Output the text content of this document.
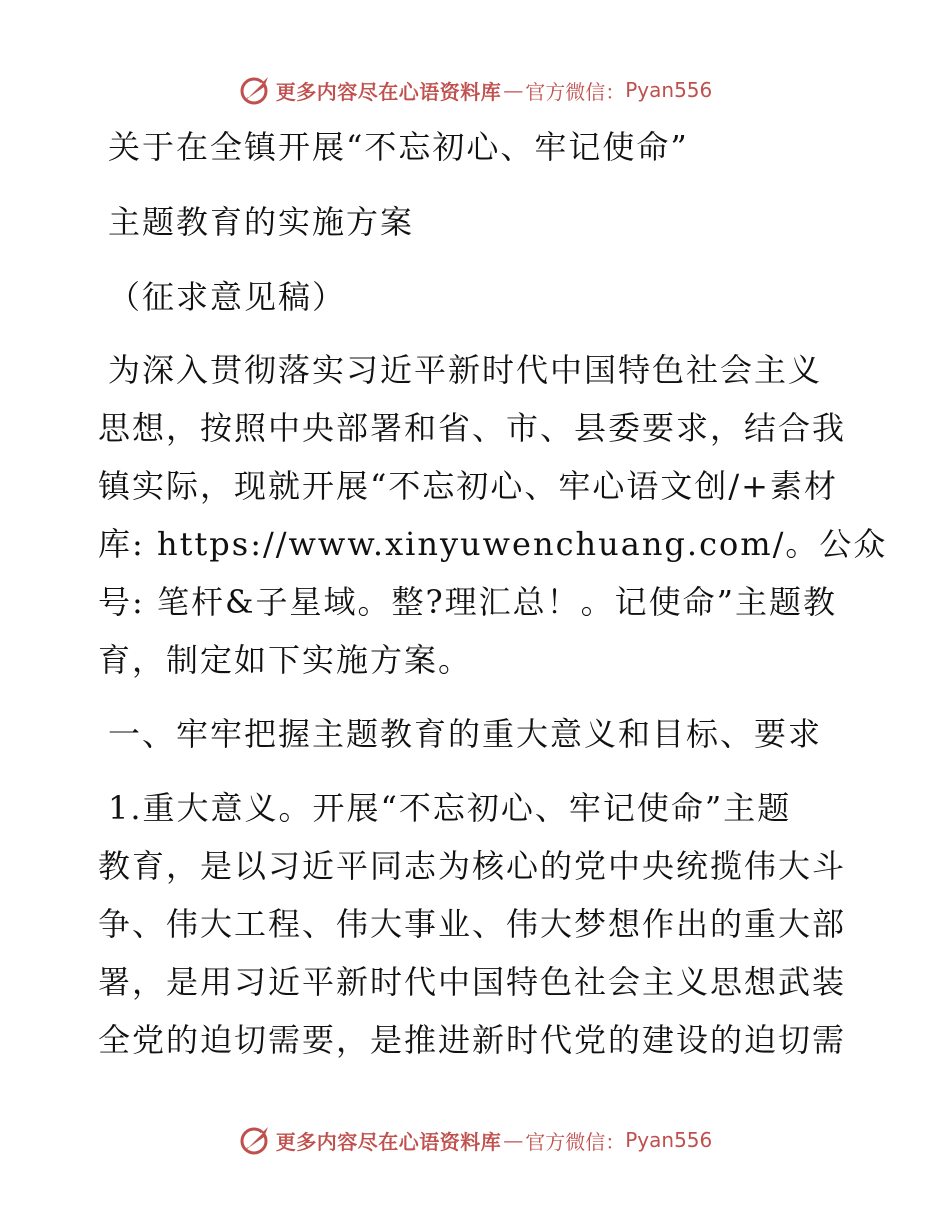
更多内容尽在心语资料库 — 官方微信： Pyan556
关于在全镇开展“不忘初心、牢记使命”
主题教育的实施方案
（征求意见稿）
为深入贯彻落实习近平新时代中国特色社会主义
思想，按照中央部署和省、市、县委要求，结合我
镇实际，现就开展“不忘初心、牢心语文创/+素材
库: https://www.xinyuwenchuang.com/。公众
号: 笔杆&子星域。整?理汇总！。记使命”主题教
育，制定如下实施方案。
一、牢牢把握主题教育的重大意义和目标、要求
1.重大意义。开展“不忘初心、牢记使命”主题
教育，是以习近平同志为核心的党中央统揽伟大斗
争、伟大工程、伟大事业、伟大梦想作出的重大部
署，是用习近平新时代中国特色社会主义思想武装
全党的迫切需要，是推进新时代党的建设的迫切需
更多内容尽在心语资料库 — 官方微信： Pyan556
